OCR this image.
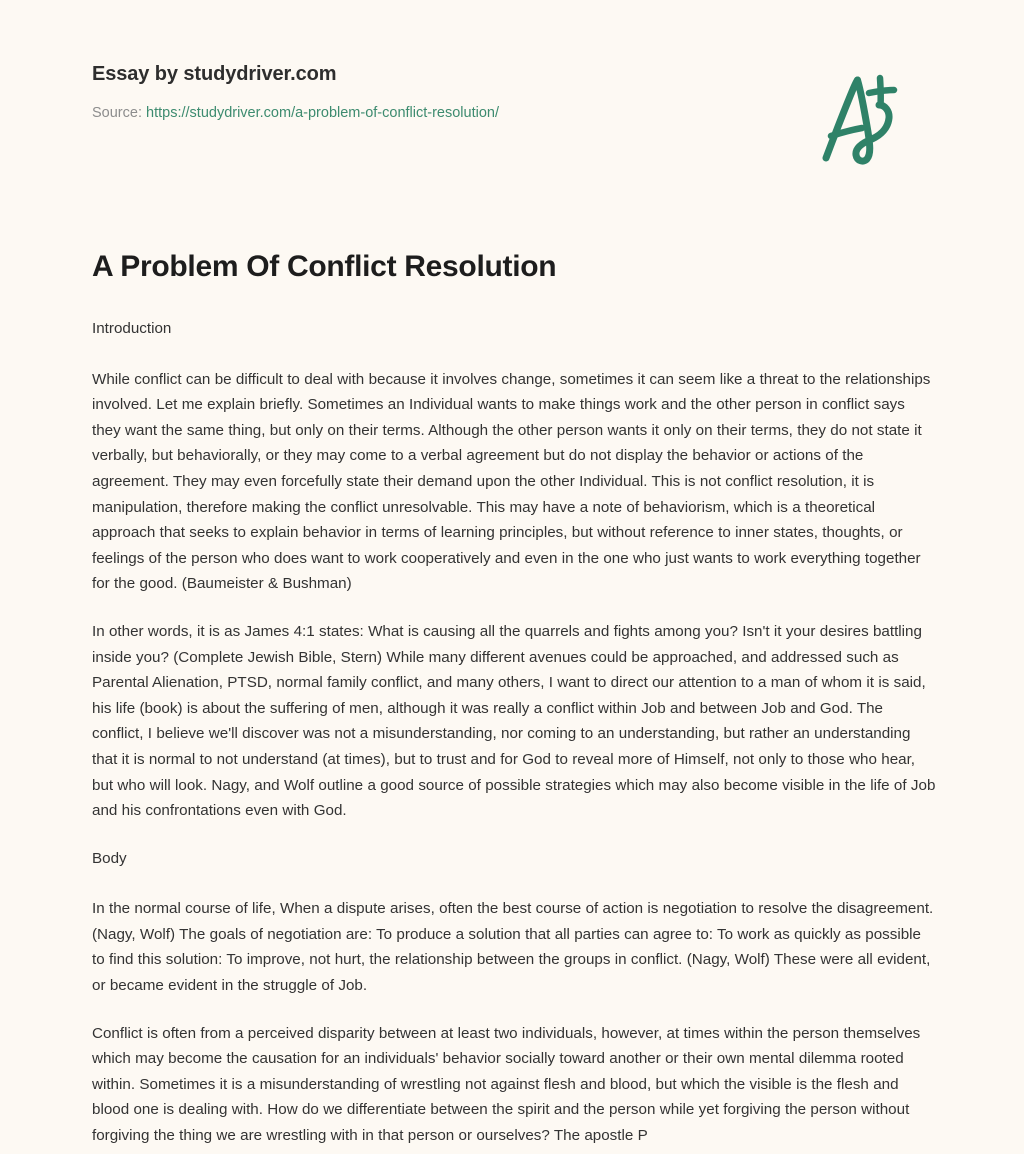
Essay by studydriver.com

Source: https://studydriver.com/a-problem-of-conflict-resolution/

A Problem Of Conflict Resolution

Introduction

While conflict can be difficult to deal with because it involves change, sometimes it can seem like a threat to the relationships involved. Let me explain briefly. Sometimes an Individual wants to make things work and the other person in conflict says they want the same thing, but only on their terms. Although the other person wants it only on their terms, they do not state it verbally, but behaviorally, or they may come to a verbal agreement but do not display the behavior or actions of the agreement. They may even forcefully state their demand upon the other Individual. This is not conflict resolution, it is manipulation, therefore making the conflict unresolvable. This may have a note of behaviorism, which is a theoretical approach that seeks to explain behavior in terms of learning principles, but without reference to inner states, thoughts, or feelings of the person who does want to work cooperatively and even in the one who just wants to work everything together for the good. (Baumeister & Bushman)

In other words, it is as James 4:1 states: What is causing all the quarrels and fights among you? Isn't it your desires battling inside you? (Complete Jewish Bible, Stern) While many different avenues could be approached, and addressed such as Parental Alienation, PTSD, normal family conflict, and many others, I want to direct our attention to a man of whom it is said, his life (book) is about the suffering of men, although it was really a conflict within Job and between Job and God. The conflict, I believe we'll discover was not a misunderstanding, nor coming to an understanding, but rather an understanding that it is normal to not understand (at times), but to trust and for God to reveal more of Himself, not only to those who hear, but who will look. Nagy, and Wolf outline a good source of possible strategies which may also become visible in the life of Job and his confrontations even with God.

Body

In the normal course of life, When a dispute arises, often the best course of action is negotiation to resolve the disagreement. (Nagy, Wolf) The goals of negotiation are: To produce a solution that all parties can agree to: To work as quickly as possible to find this solution: To improve, not hurt, the relationship between the groups in conflict. (Nagy, Wolf) These were all evident, or became evident in the struggle of Job.

Conflict is often from a perceived disparity between at least two individuals, however, at times within the person themselves which may become the causation for an individuals' behavior socially toward another or their own mental dilemma rooted within. Sometimes it is a misunderstanding of wrestling not against flesh and blood, but which the visible is the flesh and blood one is dealing with. How do we differentiate between the spirit and the person while yet forgiving the person without forgiving the thing we are wrestling with in that person or ourselves? The apostle P
